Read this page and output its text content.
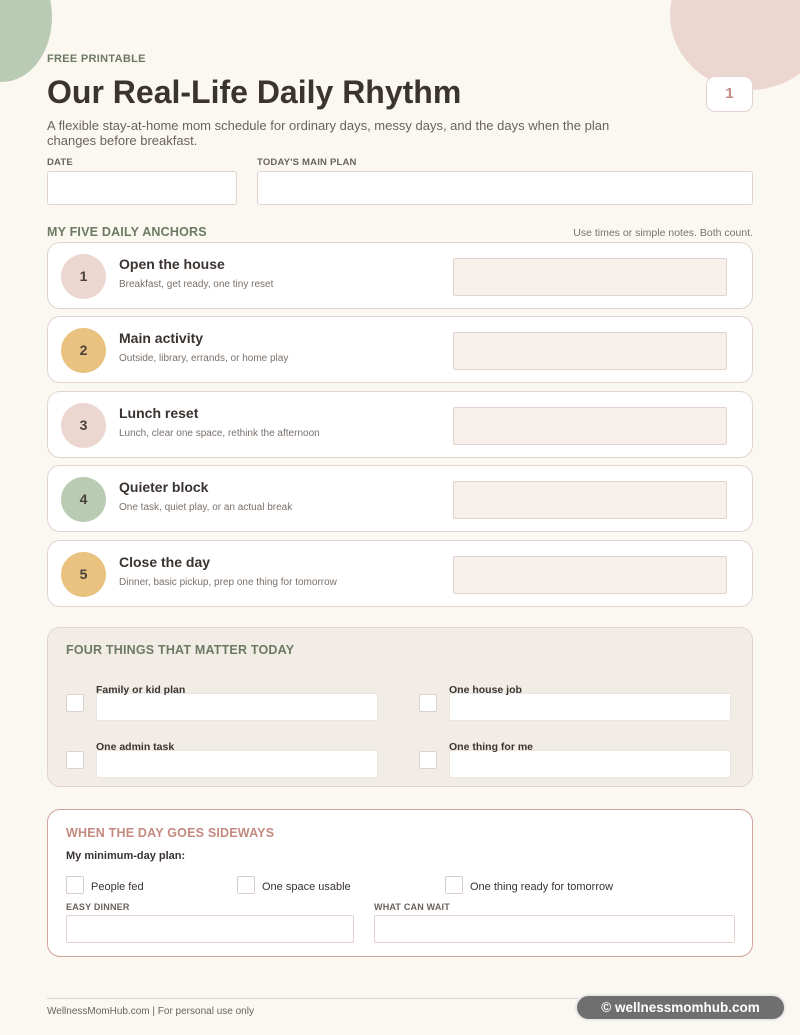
FREE PRINTABLE
Our Real-Life Daily Rhythm	1
A flexible stay-at-home mom schedule for ordinary days, messy days, and the days when the plan changes before breakfast.
DATE	TODAY'S MAIN PLAN
MY FIVE DAILY ANCHORS	Use times or simple notes. Both count.
1
Open the house
Breakfast, get ready, one tiny reset
2
Main activity
Outside, library, errands, or home play
3
Lunch reset
Lunch, clear one space, rethink the afternoon
4
Quieter block
One task, quiet play, or an actual break
5
Close the day
Dinner, basic pickup, prep one thing for tomorrow
FOUR THINGS THAT MATTER TODAY
Family or kid plan	One house job
One admin task	One thing for me
WHEN THE DAY GOES SIDEWAYS
My minimum-day plan:
People fed	One space usable	One thing ready for tomorrow
EASY DINNER	WHAT CAN WAIT
WellnessMomHub.com | For personal use only	© wellnessmomhub.com
